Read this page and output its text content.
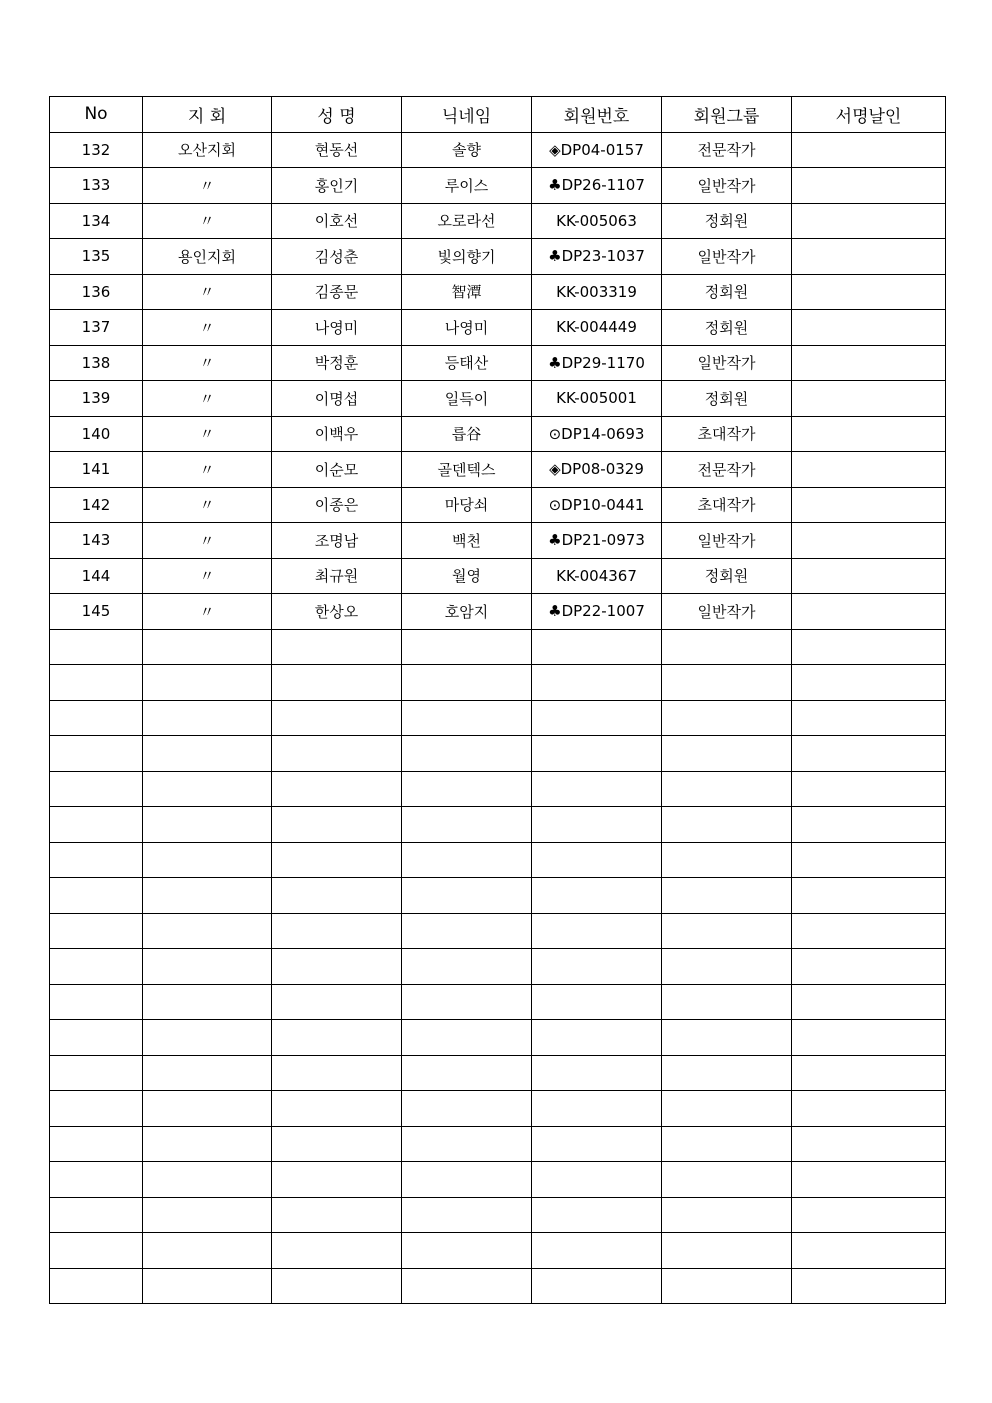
No	지 회	성 명	닉네임	회원번호	회원그룹	서명날인
132	오산지회	현동선	솔향	◈DP04-0157	전문작가	
133	〃	홍인기	루이스	♣DP26-1107	일반작가	
134	〃	이호선	오로라선	KK-005063	정회원	
135	용인지회	김성춘	빛의향기	♣DP23-1037	일반작가	
136	〃	김종문	智潭	KK-003319	정회원	
137	〃	나영미	나영미	KK-004449	정회원	
138	〃	박정훈	등태산	♣DP29-1170	일반작가	
139	〃	이명섭	일득이	KK-005001	정회원	
140	〃	이백우	릅谷	⊙DP14-0693	초대작가	
141	〃	이순모	골덴텍스	◈DP08-0329	전문작가	
142	〃	이종은	마당쇠	⊙DP10-0441	초대작가	
143	〃	조명남	백천	♣DP21-0973	일반작가	
144	〃	최규원	월영	KK-004367	정회원	
145	〃	한상오	호암지	♣DP22-1007	일반작가	
